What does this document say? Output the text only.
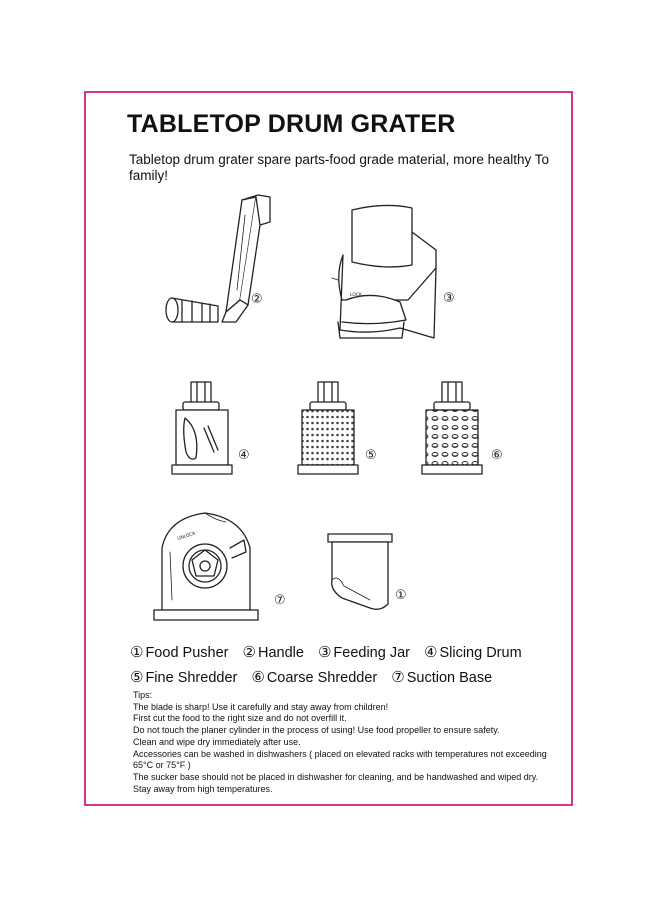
TABLETOP DRUM GRATER

Tabletop drum grater spare parts-food grade material, more healthy To family!

LOCK
UNLOCK
②	③
④	⑤	⑥
⑦	①

① Food Pusher ② Handle ③ Feeding Jar ④ Slicing Drum

⑤ Fine Shredder ⑥ Coarse Shredder ⑦ Suction Base

Tips:

The blade is sharp! Use it carefully and stay away from children!

First cut the food to the right size and do not overfill it.

Do not touch the planer cylinder in the process of using! Use food propeller to ensure safety.

Clean and wipe dry immediately after use.

Accessories can be washed in dishwashers ( placed on elevated racks with temperatures not exceeding 65°C or 75°F )

The sucker base should not be placed in dishwasher for cleaning, and be handwashed and wiped dry.

Stay away from high temperatures.
